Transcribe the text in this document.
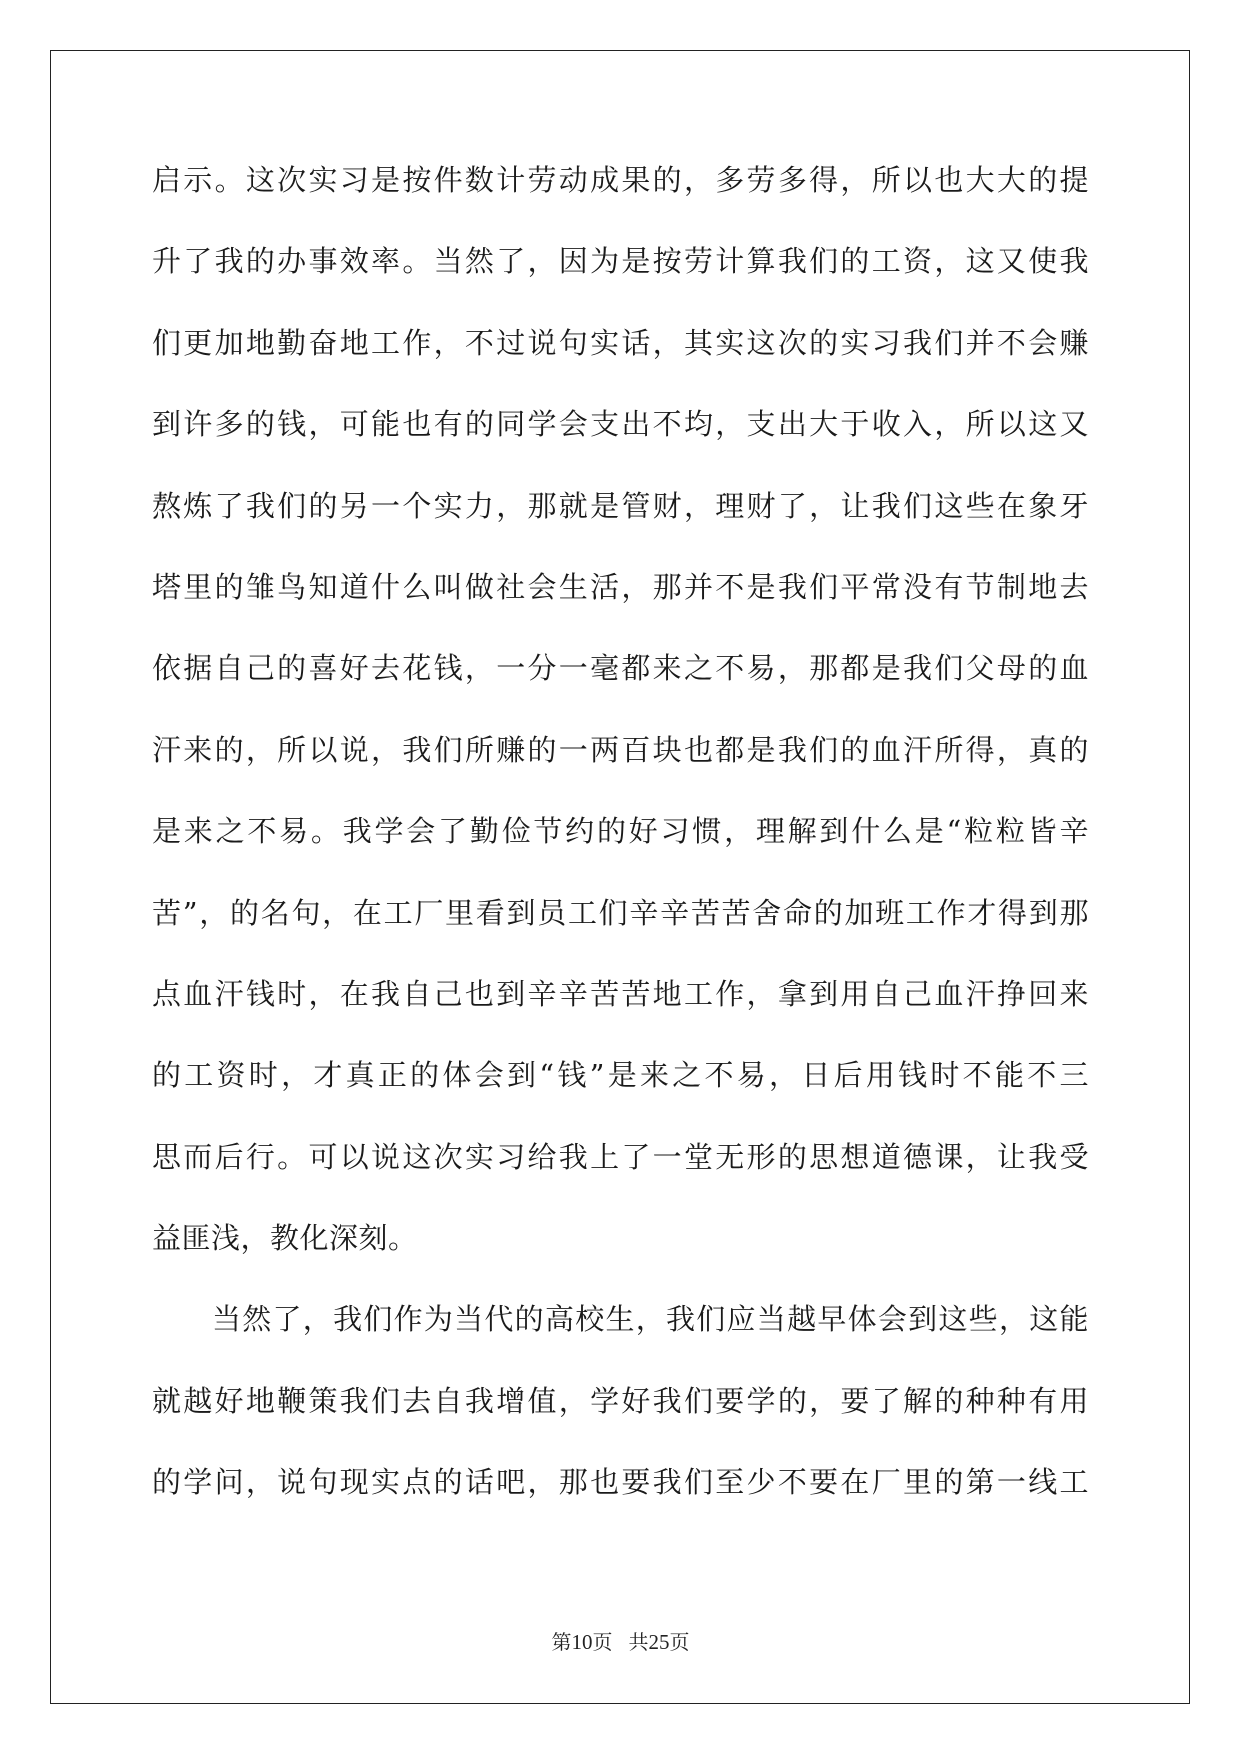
启示。这次实习是按件数计劳动成果的，多劳多得，所以也大大的提
升了我的办事效率。当然了，因为是按劳计算我们的工资，这又使我
们更加地勤奋地工作，不过说句实话，其实这次的实习我们并不会赚
到许多的钱，可能也有的同学会支出不均，支出大于收入，所以这又
熬炼了我们的另一个实力，那就是管财，理财了，让我们这些在象牙
塔里的雏鸟知道什么叫做社会生活，那并不是我们平常没有节制地去
依据自己的喜好去花钱，一分一毫都来之不易，那都是我们父母的血
汗来的，所以说，我们所赚的一两百块也都是我们的血汗所得，真的
是来之不易。我学会了勤俭节约的好习惯，理解到什么是“粒粒皆辛
苦”，的名句，在工厂里看到员工们辛辛苦苦舍命的加班工作才得到那
点血汗钱时，在我自己也到辛辛苦苦地工作，拿到用自己血汗挣回来
的工资时，才真正的体会到“钱”是来之不易，日后用钱时不能不三
思而后行。可以说这次实习给我上了一堂无形的思想道德课，让我受
益匪浅，教化深刻。
当然了，我们作为当代的高校生，我们应当越早体会到这些，这能
就越好地鞭策我们去自我增值，学好我们要学的，要了解的种种有用
的学问，说句现实点的话吧，那也要我们至少不要在厂里的第一线工
第10页 共25页
